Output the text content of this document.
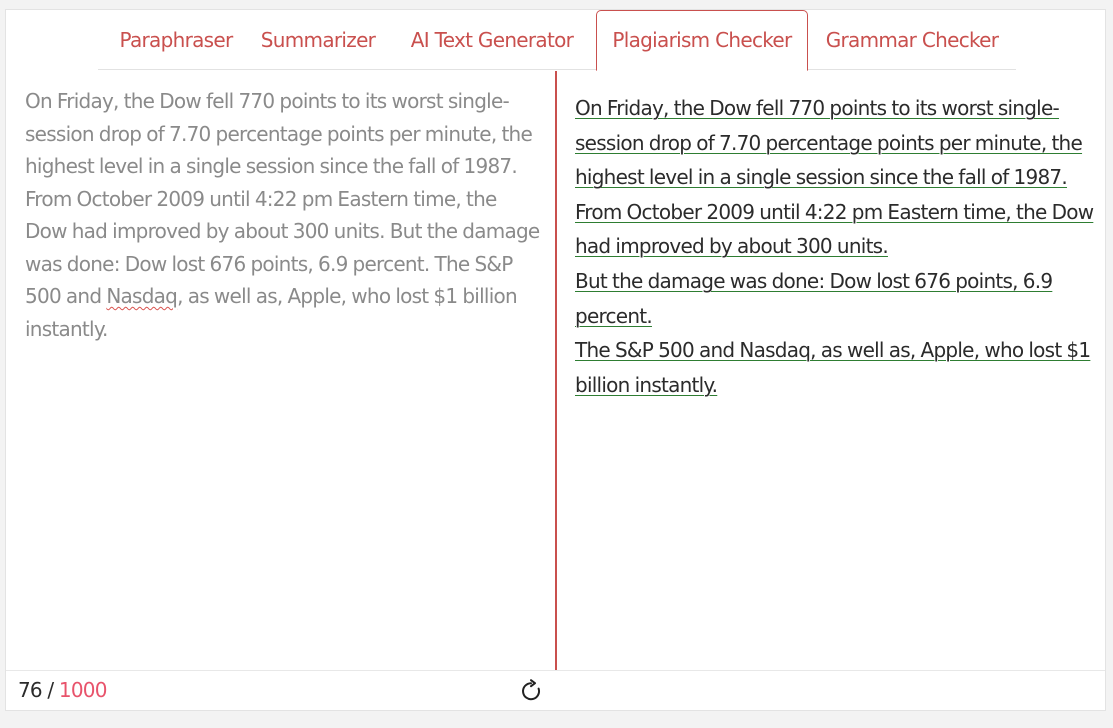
Paraphraser	Summarizer	AI Text Generator	Plagiarism Checker	Grammar Checker
On Friday, the Dow fell 770 points to its worst single-session drop of 7.70 percentage points per minute, the highest level in a single session since the fall of 1987. From October 2009 until 4:22 pm Eastern time, the Dow had improved by about 300 units. But the damage was done: Dow lost 676 points, 6.9 percent. The S&P 500 and Nasdaq, as well as, Apple, who lost $1 billion instantly.
On Friday, the Dow fell 770 points to its worst single-session drop of 7.70 percentage points per minute, the highest level in a single session since the fall of 1987.
From October 2009 until 4:22 pm Eastern time, the Dow had improved by about 300 units.
But the damage was done: Dow lost 676 points, 6.9 percent.
The S&P 500 and Nasdaq, as well as, Apple, who lost $1 billion instantly.
76 / 1000
